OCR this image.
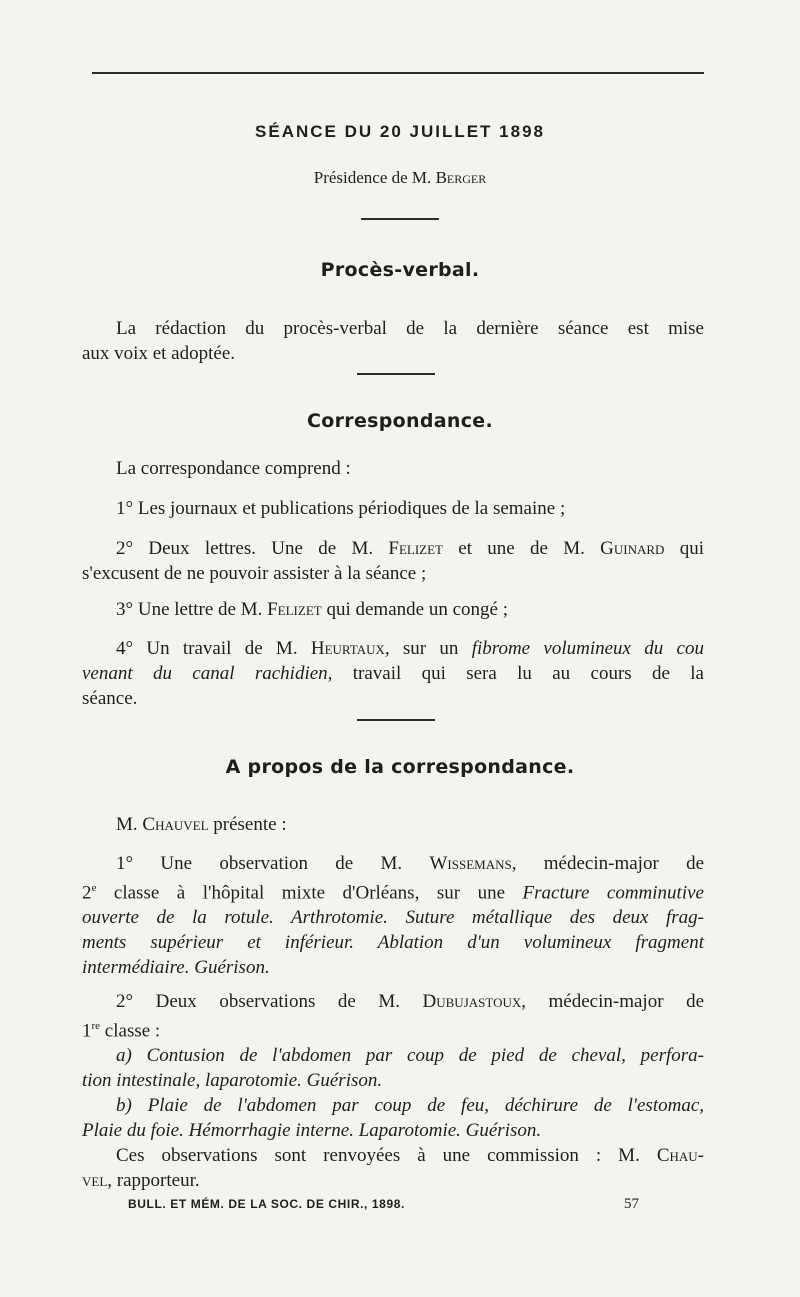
SÉANCE DU 20 JUILLET 1898
Présidence de M. Berger
Procès-verbal.

La rédaction du procès-verbal de la dernière séance est mise

aux voix et adoptée.

Correspondance.

La correspondance comprend :

1° Les journaux et publications périodiques de la semaine ;

2° Deux lettres. Une de M. Felizet et une de M. Guinard qui

s'excusent de ne pouvoir assister à la séance ;

3° Une lettre de M. Felizet qui demande un congé ;

4° Un travail de M. Heurtaux, sur un fibrome volumineux du cou

venant du canal rachidien, travail qui sera lu au cours de la

séance.

A propos de la correspondance.

M. Chauvel présente :

1° Une observation de M. Wissemans, médecin-major de

2e classe à l'hôpital mixte d'Orléans, sur une Fracture comminutive

ouverte de la rotule. Arthrotomie. Suture métallique des deux frag-

ments supérieur et inférieur. Ablation d'un volumineux fragment

intermédiaire. Guérison.

2° Deux observations de M. Dubujastoux, médecin-major de

1re classe :

a) Contusion de l'abdomen par coup de pied de cheval, perfora-

tion intestinale, laparotomie. Guérison.

b) Plaie de l'abdomen par coup de feu, déchirure de l'estomac,

Plaie du foie. Hémorrhagie interne. Laparotomie. Guérison.

Ces observations sont renvoyées à une commission : M. Chau-

vel, rapporteur.

BULL. ET MÉM. DE LA SOC. DE CHIR., 1898.	57
